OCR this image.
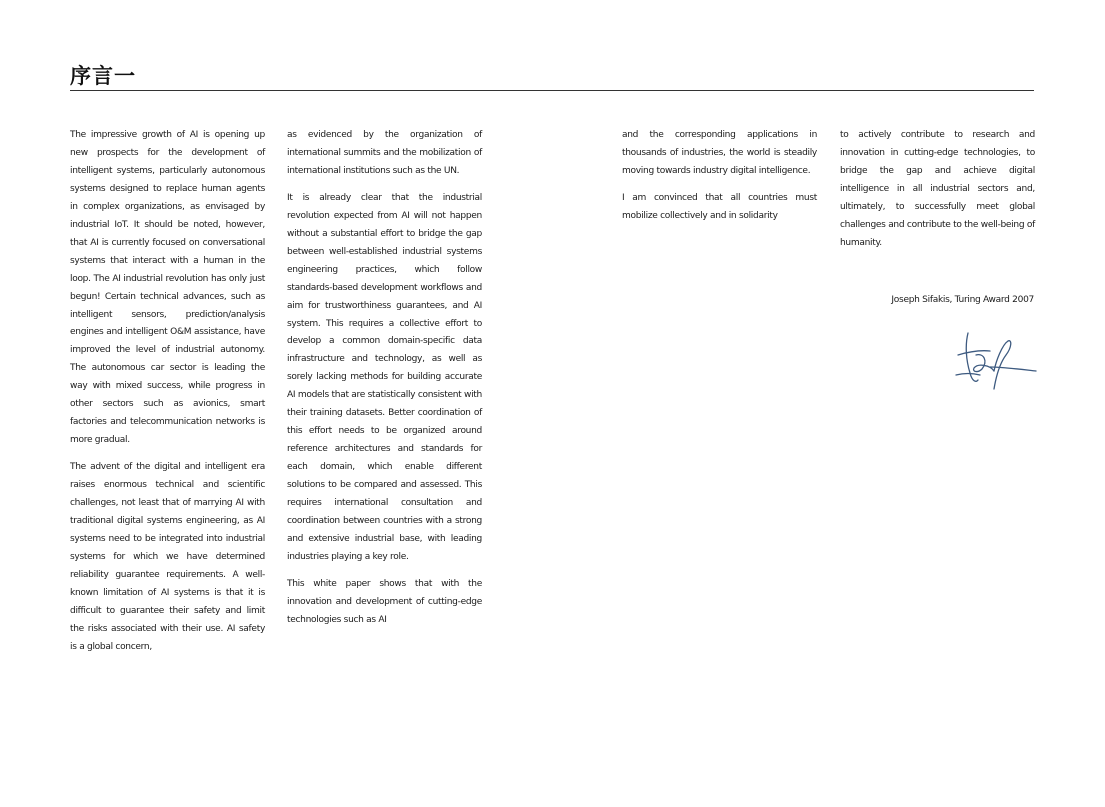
序言一

The impressive growth of AI is opening up new prospects for the development of intelligent systems, particularly autonomous systems designed to replace human agents in complex organizations, as envisaged by industrial IoT. It should be noted, however, that AI is currently focused on conversational systems that interact with a human in the loop. The AI industrial revolution has only just begun! Certain technical advances, such as intelligent sensors, prediction/analysis engines and intelligent O&M assistance, have improved the level of industrial autonomy. The autonomous car sector is leading the way with mixed success, while progress in other sectors such as avionics, smart factories and telecommunication networks is more gradual.

The advent of the digital and intelligent era raises enormous technical and scientific challenges, not least that of marrying AI with traditional digital systems engineering, as AI systems need to be integrated into industrial systems for which we have determined reliability guarantee requirements. A well-known limitation of AI systems is that it is difficult to guarantee their safety and limit the risks associated with their use. AI safety is a global concern,

as evidenced by the organization of international summits and the mobilization of international institutions such as the UN.

It is already clear that the industrial revolution expected from AI will not happen without a substantial effort to bridge the gap between well-established industrial systems engineering practices, which follow standards-based development workflows and aim for trustworthiness guarantees, and AI system. This requires a collective effort to develop a common domain-specific data infrastructure and technology, as well as sorely lacking methods for building accurate AI models that are statistically consistent with their training datasets. Better coordination of this effort needs to be organized around reference architectures and standards for each domain, which enable different solutions to be compared and assessed. This requires international consultation and coordination between countries with a strong and extensive industrial base, with leading industries playing a key role.

This white paper shows that with the innovation and development of cutting-edge technologies such as AI

and the corresponding applications in thousands of industries, the world is steadily moving towards industry digital intelligence.

I am convinced that all countries must mobilize collectively and in solidarity

to actively contribute to research and innovation in cutting-edge technologies, to bridge the gap and achieve digital intelligence in all industrial sectors and, ultimately, to successfully meet global challenges and contribute to the well-being of humanity.

Joseph Sifakis, Turing Award 2007
